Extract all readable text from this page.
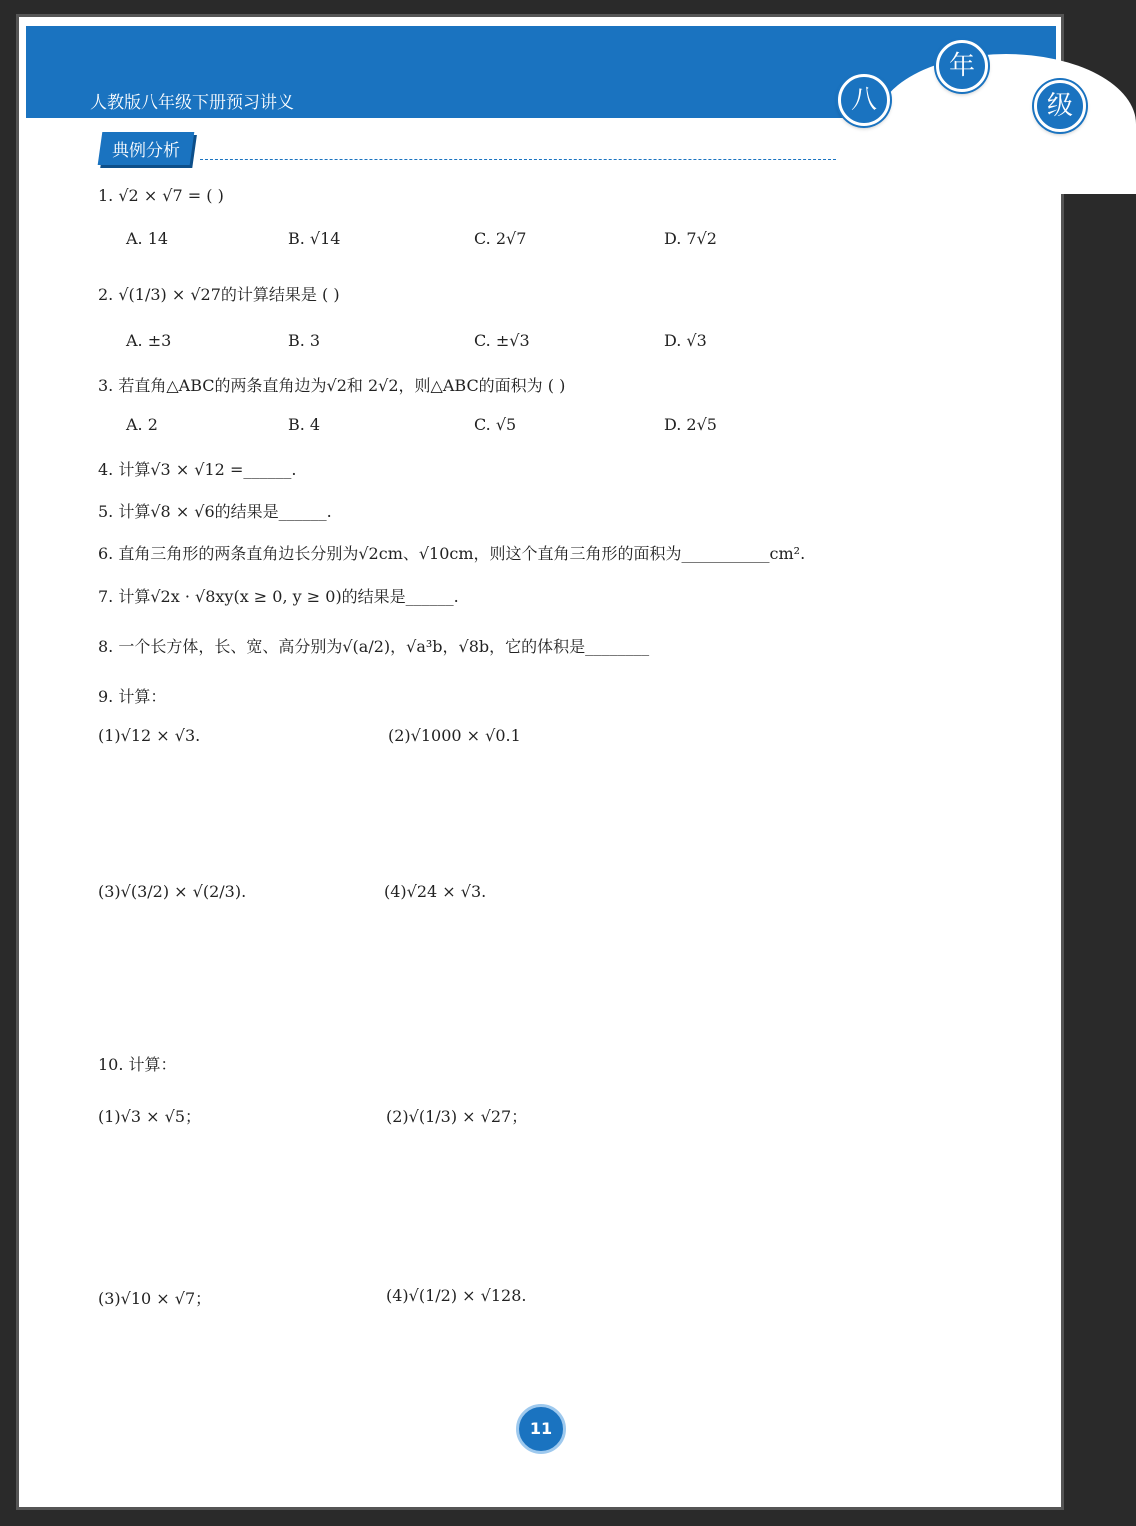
人教版八年级下册预习讲义	八
年
级
典例分析
1. √2 × √7 = ( )
A. 14	B. √14	C. 2√7	D. 7√2
2. √(1/3) × √27的计算结果是 ( )
A. ±3	B. 3	C. ±√3	D. √3
3. 若直角△ABC的两条直角边为√2和 2√2，则△ABC的面积为 ( )
A. 2	B. 4	C. √5	D. 2√5
4. 计算√3 × √12 =______.
5. 计算√8 × √6的结果是______.
6. 直角三角形的两条直角边长分别为√2cm、√10cm，则这个直角三角形的面积为___________cm².
7. 计算√2x · √8xy(x ≥ 0, y ≥ 0)的结果是______.
8. 一个长方体，长、宽、高分别为√(a/2)，√a³b，√8b，它的体积是________
9. 计算：
(1)√12 × √3.	(2)√1000 × √0.1
(3)√(3/2) × √(2/3).	(4)√24 × √3.
10. 计算：
(1)√3 × √5；	(2)√(1/3) × √27；
(3)√10 × √7；	(4)√(1/2) × √128.
11
